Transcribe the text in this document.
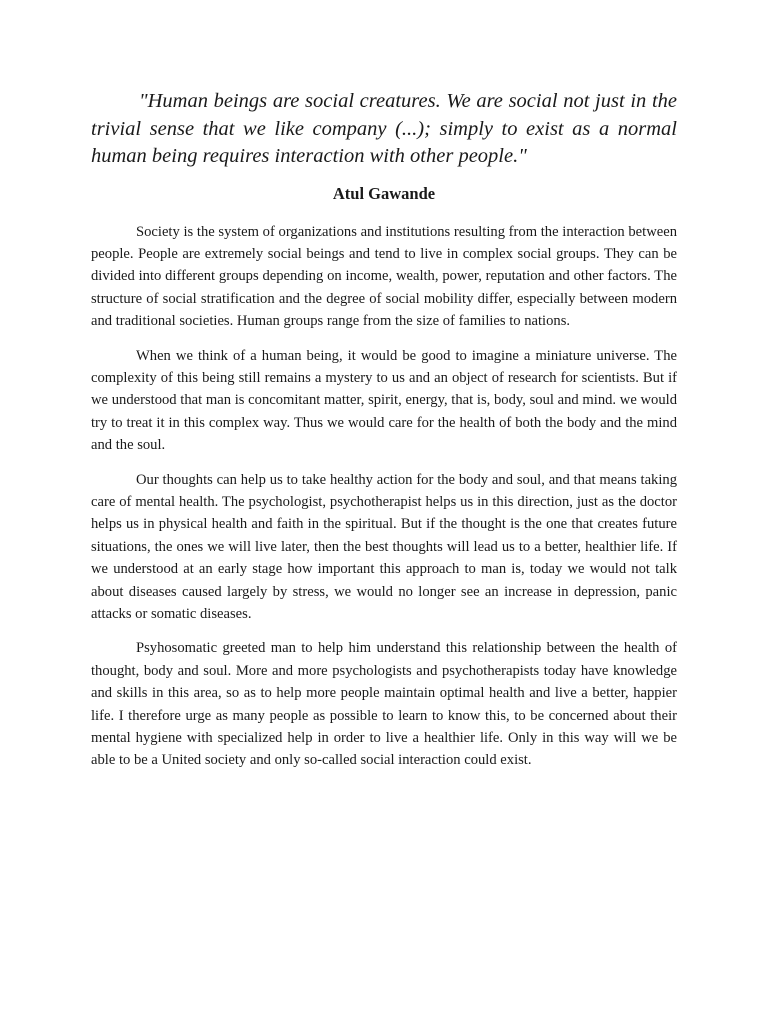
"Human beings are social creatures. We are social not just in the trivial sense that we like company (...); simply to exist as a normal human being requires interaction with other people."

Atul Gawande

Society is the system of organizations and institutions resulting from the interaction between people. People are extremely social beings and tend to live in complex social groups. They can be divided into different groups depending on income, wealth, power, reputation and other factors. The structure of social stratification and the degree of social mobility differ, especially between modern and traditional societies. Human groups range from the size of families to nations.

When we think of a human being, it would be good to imagine a miniature universe. The complexity of this being still remains a mystery to us and an object of research for scientists. But if we understood that man is concomitant matter, spirit, energy, that is, body, soul and mind. we would try to treat it in this complex way. Thus we would care for the health of both the body and the mind and the soul.

Our thoughts can help us to take healthy action for the body and soul, and that means taking care of mental health. The psychologist, psychotherapist helps us in this direction, just as the doctor helps us in physical health and faith in the spiritual. But if the thought is the one that creates future situations, the ones we will live later, then the best thoughts will lead us to a better, healthier life. If we understood at an early stage how important this approach to man is, today we would not talk about diseases caused largely by stress, we would no longer see an increase in depression, panic attacks or somatic diseases.

Psyhosomatic greeted man to help him understand this relationship between the health of thought, body and soul. More and more psychologists and psychotherapists today have knowledge and skills in this area, so as to help more people maintain optimal health and live a better, happier life. I therefore urge as many people as possible to learn to know this, to be concerned about their mental hygiene with specialized help in order to live a healthier life. Only in this way will we be able to be a United society and only so-called social interaction could exist.
